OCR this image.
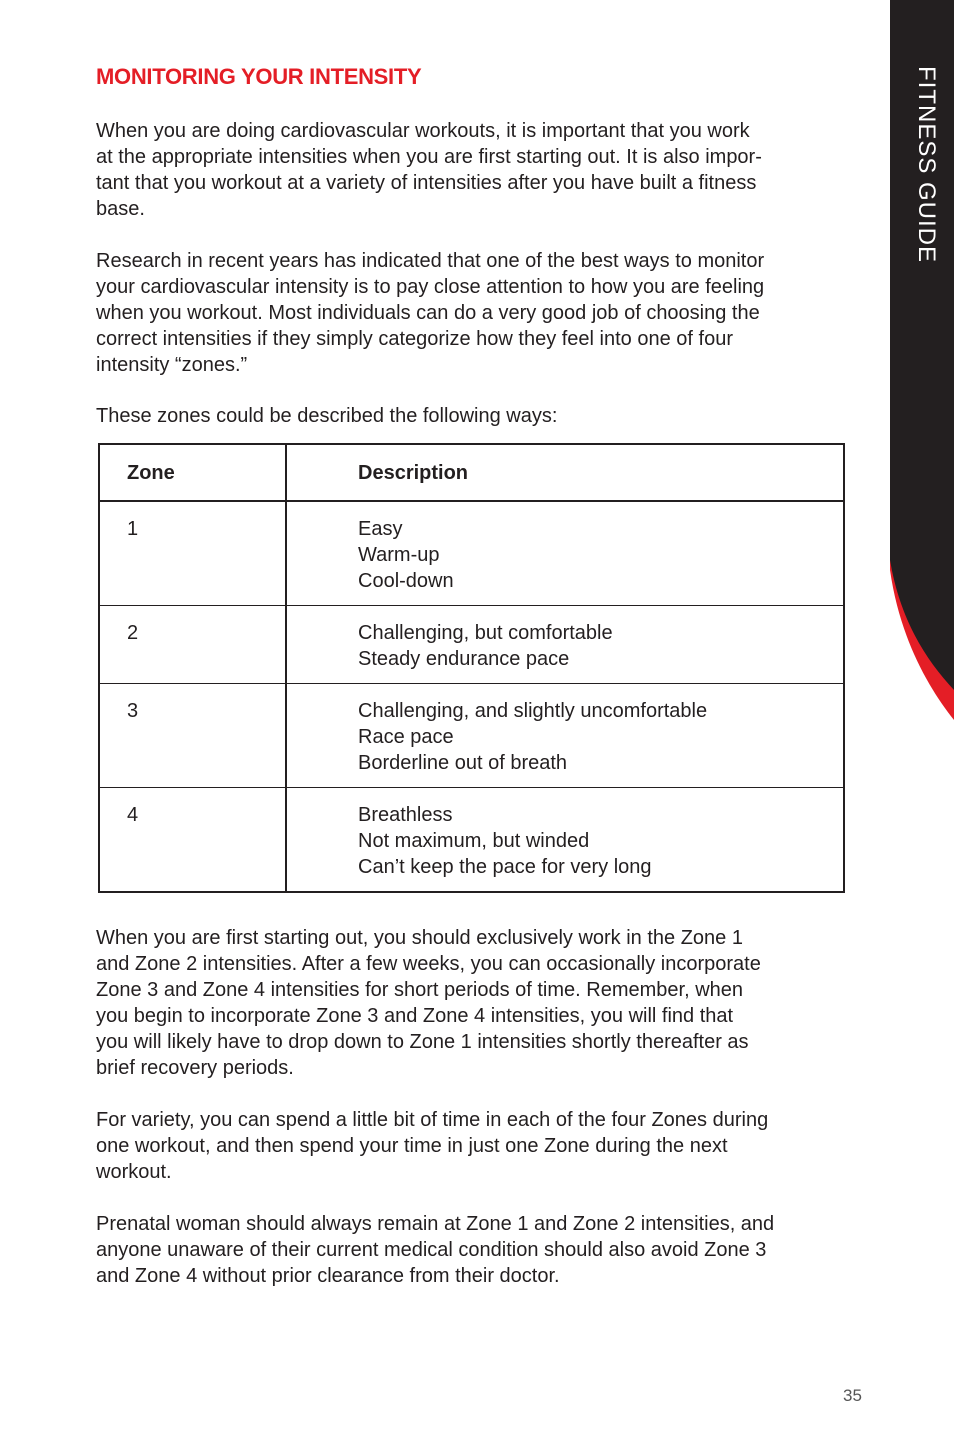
FITNESS GUIDE
MONITORING YOUR INTENSITY

When you are doing cardiovascular workouts, it is important that you work
at the appropriate intensities when you are first starting out. It is also impor-
tant that you workout at a variety of intensities after you have built a fitness
base.

Research in recent years has indicated that one of the best ways to monitor
your cardiovascular intensity is to pay close attention to how you are feeling
when you workout. Most individuals can do a very good job of choosing the
correct intensities if they simply categorize how they feel into one of four
intensity “zones.”

These zones could be described the following ways:

Zone	Description
1	Easy
Warm-up
Cool-down

2	Challenging, but comfortable
Steady endurance pace

3	Challenging, and slightly uncomfortable
Race pace
Borderline out of breath

4	Breathless
Not maximum, but winded
Can’t keep the pace for very long

When you are first starting out, you should exclusively work in the Zone 1
and Zone 2 intensities. After a few weeks, you can occasionally incorporate
Zone 3 and Zone 4 intensities for short periods of time. Remember, when
you begin to incorporate Zone 3 and Zone 4 intensities, you will find that
you will likely have to drop down to Zone 1 intensities shortly thereafter as
brief recovery periods.

For variety, you can spend a little bit of time in each of the four Zones during
one workout, and then spend your time in just one Zone during the next
workout.

Prenatal woman should always remain at Zone 1 and Zone 2 intensities, and
anyone unaware of their current medical condition should also avoid Zone 3
and Zone 4 without prior clearance from their doctor.

35
